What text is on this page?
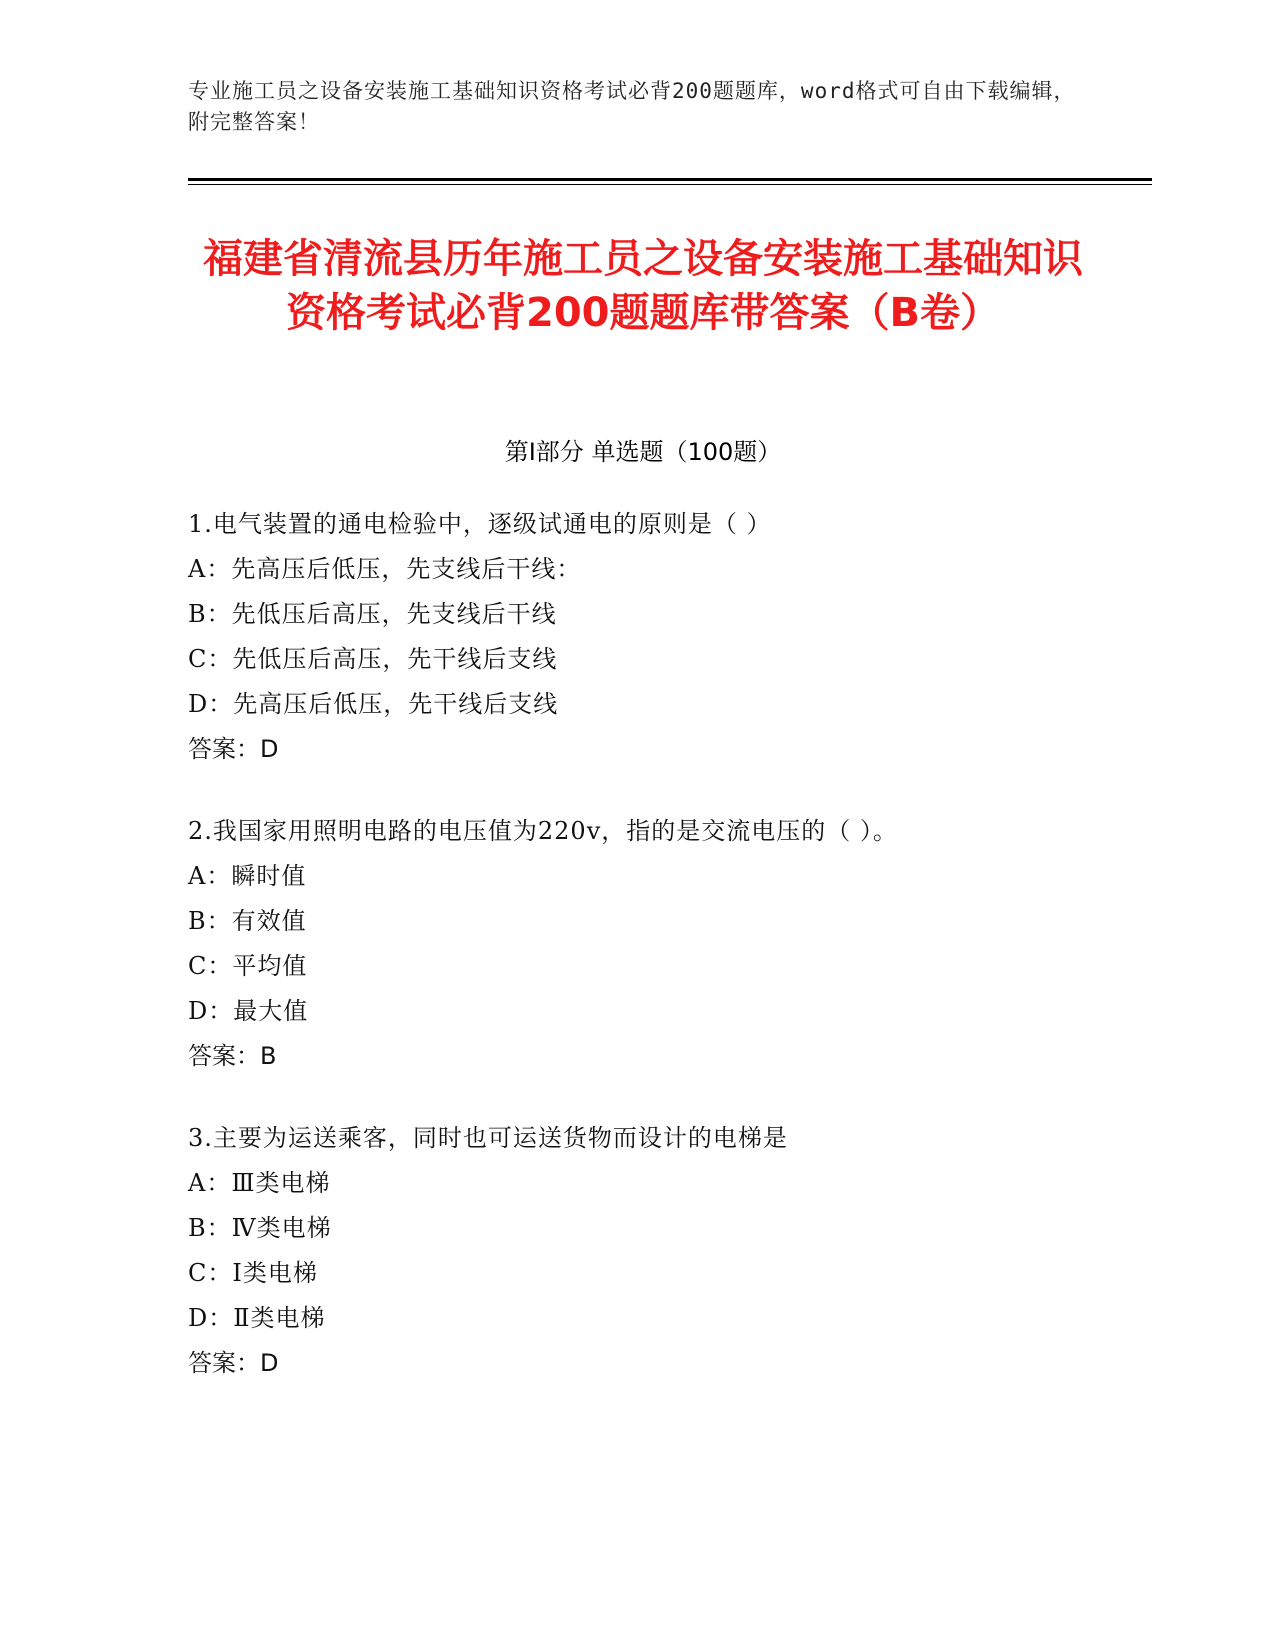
专业施工员之设备安装施工基础知识资格考试必背200题题库，word格式可自由下载编辑，附完整答案！
福建省清流县历年施工员之设备安装施工基础知识资格考试必背200题题库带答案（B卷）
第Ⅰ部分 单选题（100题）
1.电气装置的通电检验中，逐级试通电的原则是（ ）
A：先高压后低压，先支线后干线：
B：先低压后高压，先支线后干线
C：先低压后高压，先干线后支线
D：先高压后低压，先干线后支线
答案：D
2.我国家用照明电路的电压值为220v，指的是交流电压的（ ）。
A：瞬时值
B：有效值
C：平均值
D：最大值
答案：B
3.主要为运送乘客，同时也可运送货物而设计的电梯是
A：Ⅲ类电梯
B：Ⅳ类电梯
C：Ⅰ类电梯
D：Ⅱ类电梯
答案：D
